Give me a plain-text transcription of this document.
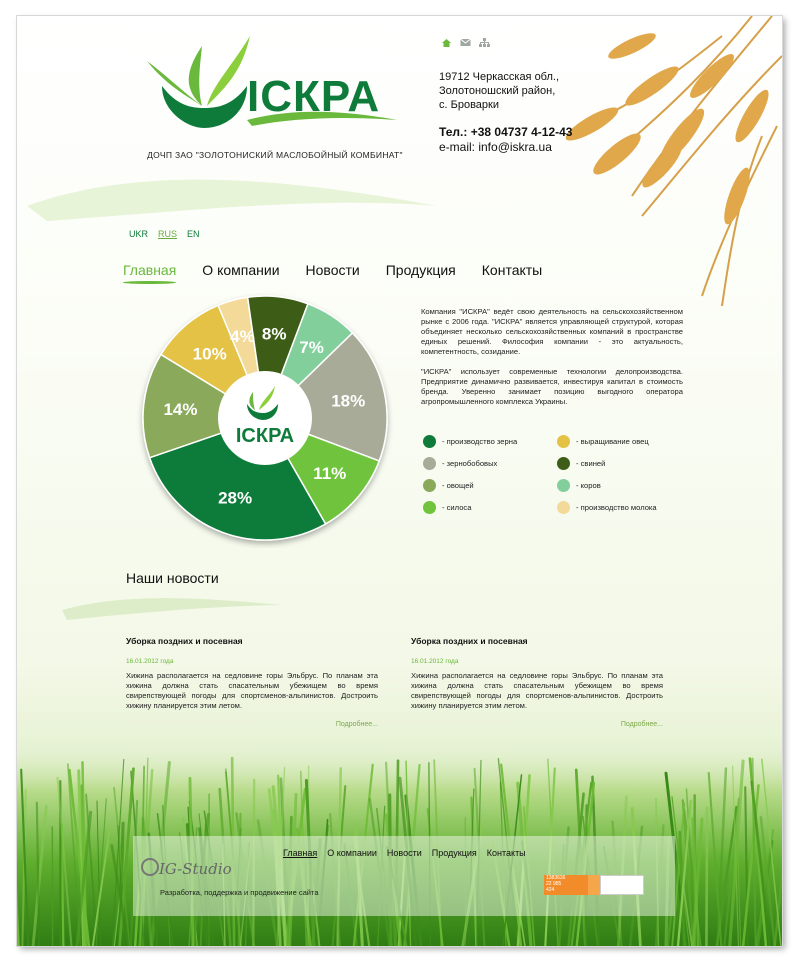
ІСКРА
ДОЧП ЗАО "ЗОЛОТОНИСКИЙ МАСЛОБОЙНЫЙ КОМБИНАТ"
19712 Черкасская обл.,
Золотоношский район,
с. Броварки
Тел.: +38 04737 4-12-43
e-mail: info@iskra.ua
UKR RUS EN
Главная О компании Новости Продукция Контакты
28%
14%
10%
4% 8%
7%
18%
11%
ІСКРА

Компания "ИСКРА" ведёт свою деятельность на сельскохозяйственном рынке с 2006 года. "ИСКРА" является управляющей структурой, которая объединяет несколько сельскохозяйственных компаний в пространстве единых решений. Философия компании - это актуальность, компетентность, созидание.

"ИСКРА" использует современные технологии делопроизводства. Предприятие динамично развивается, инвестируя капитал в стоимость бренда. Уверенно занимает позицию выгодного оператора агропромышленного комплекса Украины.

- производство зерна	- выращивание овец
- зернобобовых	- свиней
- овощей	- коров
- силоса	- производство молока
Наши новости
Уборка поздних и посевная
16.01.2012 года
Хижина располагается на седловине горы Эльбрус. По планам эта хижина должна стать спасательным убежищем во время свирепствующей погоды для спортсменов-альпинистов. Достроить хижину планируется этим летом.
Подробнее...
Уборка поздних и посевная
16.01.2012 года
Хижина располагается на седловине горы Эльбрус. По планам эта хижина должна стать спасательным убежищем во время свирепствующей погоды для спортсменов-альпинистов. Достроить хижину планируется этим летом.
Подробнее...
Главная О компании Новости Продукция Контакты
IG-Studio
Разработка, поддержка и продвижение сайта
1383636
22 985
424
